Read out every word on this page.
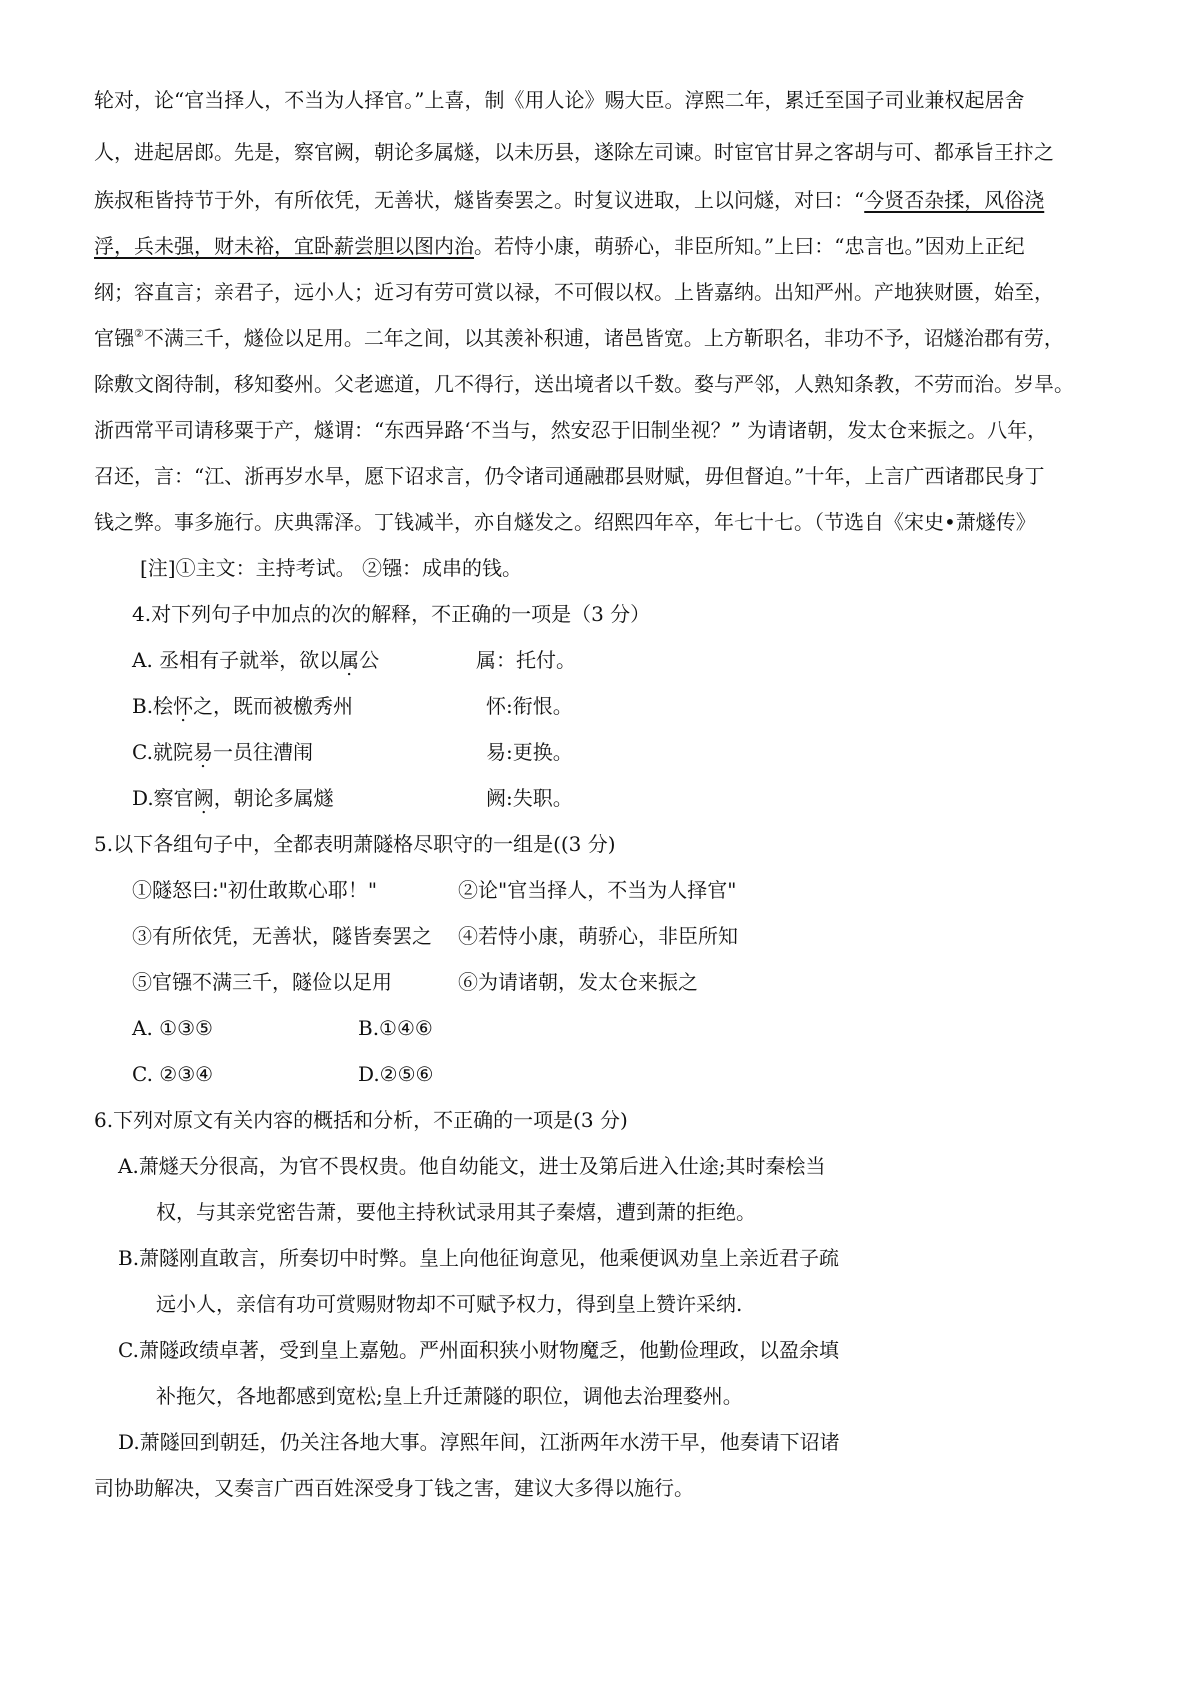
轮对，论“官当择人，不当为人择官。”上喜，制《用人论》赐大臣。淳熙二年，累迁至国子司业兼权起居舍
人，进起居郎。先是，察官阙，朝论多属燧，以未历县，遂除左司谏。时宦官甘昇之客胡与可、都承旨王抃之
族叔秬皆持节于外，有所依凭，无善状，燧皆奏罢之。时复议进取，上以问燧，对曰：“今贤否杂揉，风俗浇
浮，兵未强，财未裕，宜卧薪尝胆以图内治。若恃小康，萌骄心，非臣所知。”上曰：“忠言也。”因劝上正纪
纲；容直言；亲君子，远小人；近习有劳可赏以禄，不可假以权。上皆嘉纳。出知严州。产地狭财匮，始至，
官镪②不满三千，燧俭以足用。二年之间，以其羡补积逋，诸邑皆宽。上方靳职名，非功不予，诏燧治郡有劳，
除敷文阁待制，移知婺州。父老遮道，几不得行，送出境者以千数。婺与严邻，人熟知条教，不劳而治。岁旱。
浙西常平司请移粟于产，燧谓：“东西异路‘不当与，然安忍于旧制坐视？” 为请诸朝，发太仓来振之。八年，
召还，言：“江、浙再岁水旱，愿下诏求言，仍令诸司通融郡县财赋，毋但督迫。”十年，上言广西诸郡民身丁
钱之弊。事多施行。庆典霈泽。丁钱减半，亦自燧发之。绍熙四年卒，年七十七。（节选自《宋史•萧燧传》
[注]①主文：主持考试。 ②镪：成串的钱。
4.对下列句子中加点的次的解释，不正确的一项是（3 分）
A. 丞相有子就举，欲以属公	属：托付。
B.桧怀之，既而被檄秀州	怀:衔恨。
C.就院易一员往漕闱	易:更换。
D.察官阙，朝论多属燧	阙:失职。
5.以下各组句子中，全都表明萧隧格尽职守的一组是((3 分)
①隧怒曰:"初仕敢欺心耶！"	②论"官当择人，不当为人择官"
③有所依凭，无善状，隧皆奏罢之 ④若恃小康，萌骄心，非臣所知
⑤官镪不满三千，隧俭以足用	⑥为请诸朝，发太仓来振之
A. ①③⑤	B.①④⑥
C. ②③④	D.②⑤⑥
6.下列对原文有关内容的概括和分析，不正确的一项是(3 分)
A.萧燧天分很高，为官不畏权贵。他自幼能文，进士及第后进入仕途;其时秦桧当
权，与其亲党密告萧，要他主持秋试录用其子秦熺，遭到萧的拒绝。
B.萧隧刚直敢言，所奏切中时弊。皇上向他征询意见，他乘便讽劝皇上亲近君子疏
远小人，亲信有功可赏赐财物却不可赋予权力，得到皇上赞许采纳.
C.萧隧政绩卓著，受到皇上嘉勉。严州面积狭小财物魔乏，他勤俭理政，以盈余填
补拖欠，各地都感到宽松;皇上升迁萧隧的职位，调他去治理婺州。
D.萧隧回到朝廷，仍关注各地大事。淳熙年间，江浙两年水涝干早，他奏请下诏诸
司协助解决，又奏言广西百姓深受身丁钱之害，建议大多得以施行。
